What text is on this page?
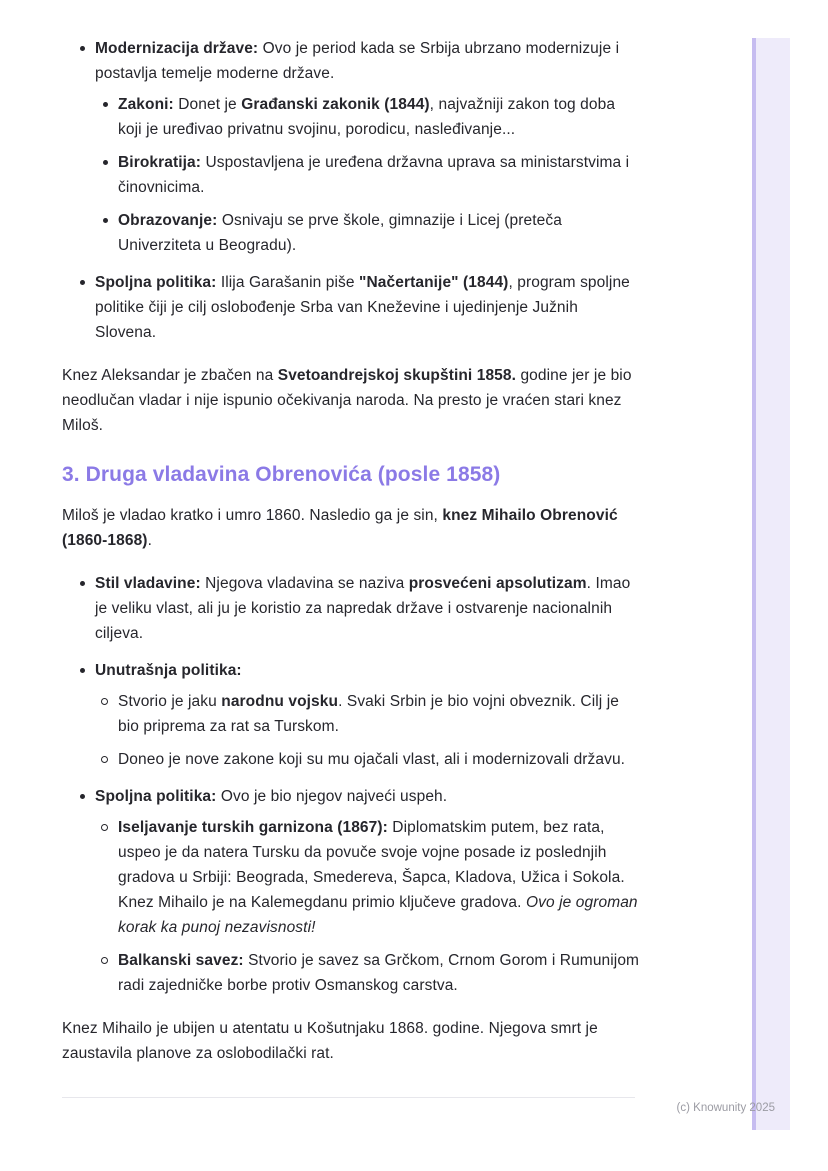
Modernizacija države: Ovo je period kada se Srbija ubrzano modernizuje i postavlja temelje moderne države.
Zakoni: Donet je Građanski zakonik (1844), najvažniji zakon tog doba koji je uređivao privatnu svojinu, porodicu, nasleđivanje...
Birokratija: Uspostavljena je uređena državna uprava sa ministarstvima i činovnicima.
Obrazovanje: Osnivaju se prve škole, gimnazije i Licej (preteča Univerziteta u Beogradu).
Spoljna politika: Ilija Garašanin piše "Načertanije" (1844), program spoljne politike čiji je cilj oslobođenje Srba van Kneževine i ujedinjenje Južnih Slovena.

Knez Aleksandar je zbačen na Svetoandrejskoj skupštini 1858. godine jer je bio neodlučan vladar i nije ispunio očekivanja naroda. Na presto je vraćen stari knez Miloš.

3. Druga vladavina Obrenovića (posle 1858)

Miloš je vladao kratko i umro 1860. Nasledio ga je sin, knez Mihailo Obrenović (1860-1868).

Stil vladavine: Njegova vladavina se naziva prosvećeni apsolutizam. Imao je veliku vlast, ali ju je koristio za napredak države i ostvarenje nacionalnih ciljeva.
Unutrašnja politika:
Stvorio je jaku narodnu vojsku. Svaki Srbin je bio vojni obveznik. Cilj je bio priprema za rat sa Turskom.
Doneo je nove zakone koji su mu ojačali vlast, ali i modernizovali državu.
Spoljna politika: Ovo je bio njegov najveći uspeh.
Iseljavanje turskih garnizona (1867): Diplomatskim putem, bez rata, uspeo je da natera Tursku da povuče svoje vojne posade iz poslednjih gradova u Srbiji: Beograda, Smedereva, Šapca, Kladova, Užica i Sokola. Knez Mihailo je na Kalemegdanu primio ključeve gradova. Ovo je ogroman korak ka punoj nezavisnosti!
Balkanski savez: Stvorio je savez sa Grčkom, Crnom Gorom i Rumunijom radi zajedničke borbe protiv Osmanskog carstva.

Knez Mihailo je ubijen u atentatu u Košutnjaku 1868. godine. Njegova smrt je zaustavila planove za oslobodilački rat.

(c) Knowunity 2025
